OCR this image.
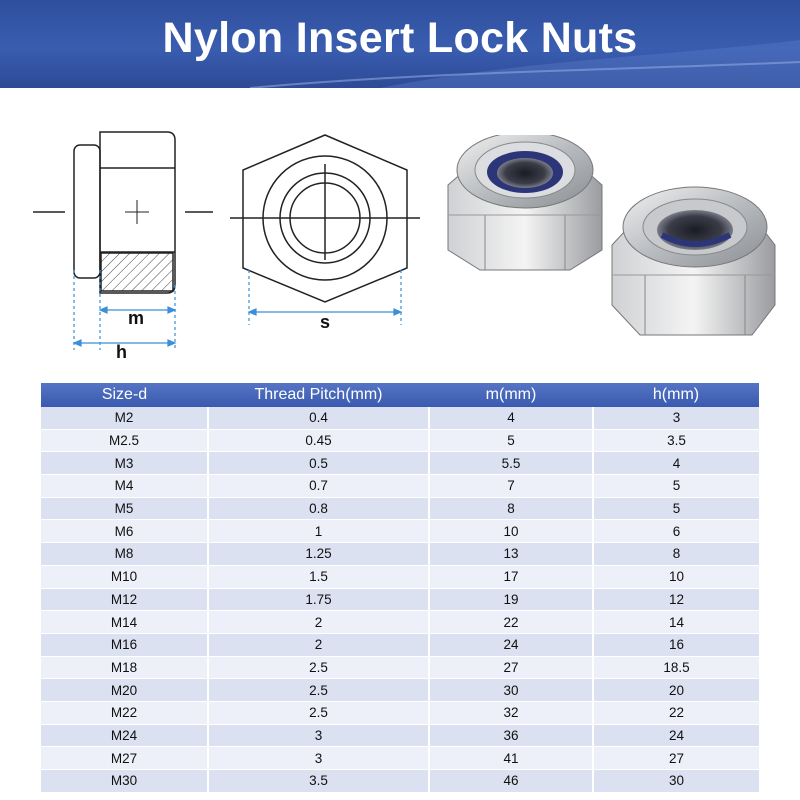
Nylon Insert Lock Nuts
m
h
s
Size-d	Thread Pitch(mm)	m(mm)	h(mm)
M2	0.4	4	3
M2.5	0.45	5	3.5
M3	0.5	5.5	4
M4	0.7	7	5
M5	0.8	8	5
M6	1	10	6
M8	1.25	13	8
M10	1.5	17	10
M12	1.75	19	12
M14	2	22	14
M16	2	24	16
M18	2.5	27	18.5
M20	2.5	30	20
M22	2.5	32	22
M24	3	36	24
M27	3	41	27
M30	3.5	46	30
